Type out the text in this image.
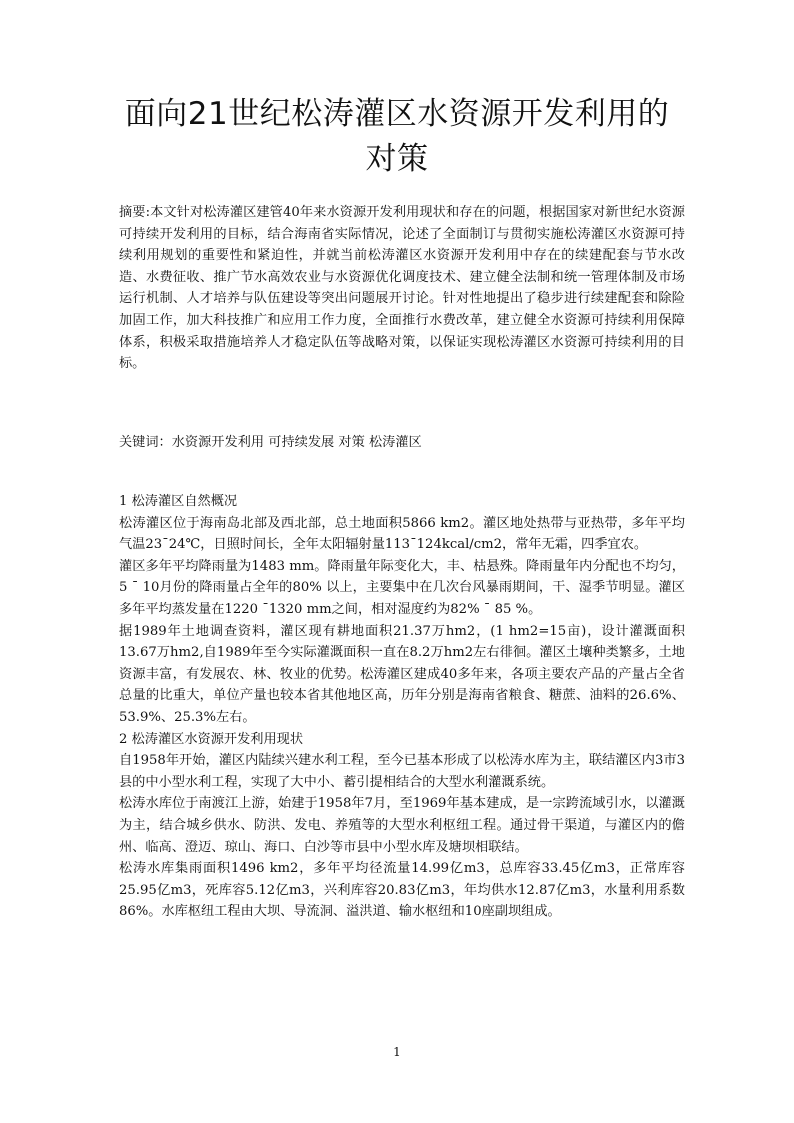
面向21世纪松涛灌区水资源开发利用的
对策
摘要:本文针对松涛灌区建管40年来水资源开发利用现状和存在的问题，根据国家对新世纪水资源可持续开发利用的目标，结合海南省实际情况，论述了全面制订与贯彻实施松涛灌区水资源可持续利用规划的重要性和紧迫性，并就当前松涛灌区水资源开发利用中存在的续建配套与节水改造、水费征收、推广节水高效农业与水资源优化调度技术、建立健全法制和统一管理体制及市场运行机制、人才培养与队伍建设等突出问题展开讨论。针对性地提出了稳步进行续建配套和除险加固工作，加大科技推广和应用工作力度，全面推行水费改革，建立健全水资源可持续利用保障体系，积极采取措施培养人才稳定队伍等战略对策，以保证实现松涛灌区水资源可持续利用的目标。
关键词：水资源开发利用 可持续发展 对策 松涛灌区
1 松涛灌区自然概况

松涛灌区位于海南岛北部及西北部，总土地面积5866 km2。灌区地处热带与亚热带，多年平均气温23¯24℃，日照时间长，全年太阳辐射量113¯124kcal/cm2，常年无霜，四季宜农。

灌区多年平均降雨量为1483 mm。降雨量年际变化大，丰、枯悬殊。降雨量年内分配也不均匀，5 ¯ 10月份的降雨量占全年的80% 以上，主要集中在几次台风暴雨期间，干、湿季节明显。灌区多年平均蒸发量在1220 ¯1320 mm之间，相对湿度约为82% ¯ 85 %。

据1989年土地调查资料，灌区现有耕地面积21.37万hm2，(1 hm2=15亩)，设计灌溉面积13.67万hm2,自1989年至今实际灌溉面积一直在8.2万hm2左右徘徊。灌区土壤种类繁多，土地资源丰富，有发展农、林、牧业的优势。松涛灌区建成40多年来，各项主要农产品的产量占全省总量的比重大，单位产量也较本省其他地区高，历年分别是海南省粮食、糖蔗、油料的26.6%、53.9%、25.3%左右。

2 松涛灌区水资源开发利用现状

自1958年开始，灌区内陆续兴建水利工程，至今已基本形成了以松涛水库为主，联结灌区内3市3县的中小型水利工程，实现了大中小、蓄引提相结合的大型水利灌溉系统。

松涛水库位于南渡江上游，始建于1958年7月，至1969年基本建成，是一宗跨流域引水，以灌溉为主，结合城乡供水、防洪、发电、养殖等的大型水利枢纽工程。通过骨干渠道，与灌区内的儋州、临高、澄迈、琼山、海口、白沙等市县中小型水库及塘坝相联结。

松涛水库集雨面积1496 km2，多年平均径流量14.99亿m3，总库容33.45亿m3，正常库容25.95亿m3，死库容5.12亿m3，兴利库容20.83亿m3，年均供水12.87亿m3，水量利用系数86%。水库枢纽工程由大坝、导流洞、溢洪道、输水枢纽和10座副坝组成。

1
